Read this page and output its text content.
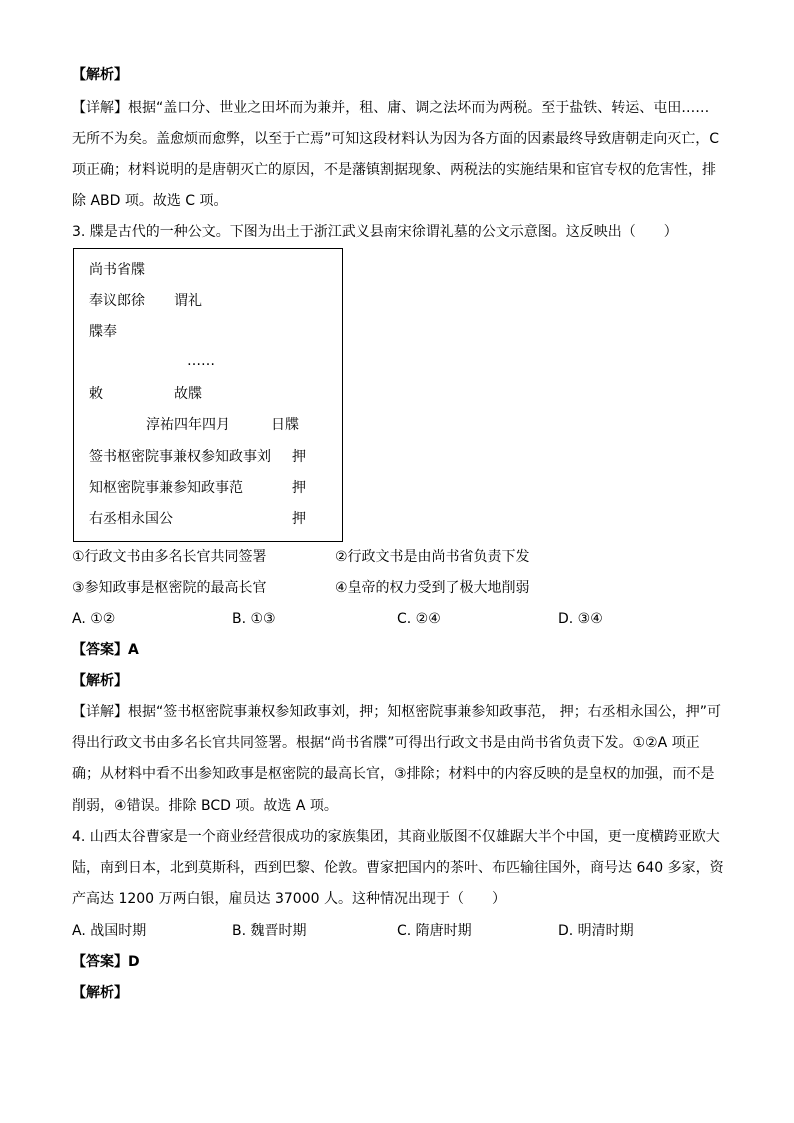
【解析】
【详解】根据“盖口分、世业之田坏而为兼并，租、庸、调之法坏而为两税。至于盐铁、转运、屯田……
无所不为矣。盖愈烦而愈弊，以至于亡焉”可知这段材料认为因为各方面的因素最终导致唐朝走向灭亡，C
项正确；材料说明的是唐朝灭亡的原因，不是藩镇割据现象、两税法的实施结果和宦官专权的危害性，排
除 ABD 项。故选 C 项。
3. 牒是古代的一种公文。下图为出土于浙江武义县南宋徐谓礼墓的公文示意图。这反映出（　　）
尚书省牒
奉议郎徐 谓礼
牒奉
……
敕	故牒
淳祐四年四月	日牒
签书枢密院事兼权参知政事刘 押
知枢密院事兼参知政事范	押
右丞相永国公	押
①行政文书由多名长官共同签署	②行政文书是由尚书省负责下发
③参知政事是枢密院的最高长官	④皇帝的权力受到了极大地削弱
A. ①②	B. ①③	C. ②④	D. ③④
【答案】A
【解析】
【详解】根据“签书枢密院事兼权参知政事刘，押；知枢密院事兼参知政事范， 押；右丞相永国公，押”可
得出行政文书由多名长官共同签署。根据“尚书省牒”可得出行政文书是由尚书省负责下发。①②A 项正
确；从材料中看不出参知政事是枢密院的最高长官，③排除；材料中的内容反映的是皇权的加强，而不是
削弱，④错误。排除 BCD 项。故选 A 项。
4. 山西太谷曹家是一个商业经营很成功的家族集团，其商业版图不仅雄踞大半个中国，更一度横跨亚欧大
陆，南到日本，北到莫斯科，西到巴黎、伦敦。曹家把国内的茶叶、布匹输往国外，商号达 640 多家，资
产高达 1200 万两白银，雇员达 37000 人。这种情况出现于（　　）
A. 战国时期	B. 魏晋时期	C. 隋唐时期	D. 明清时期
【答案】D
【解析】
